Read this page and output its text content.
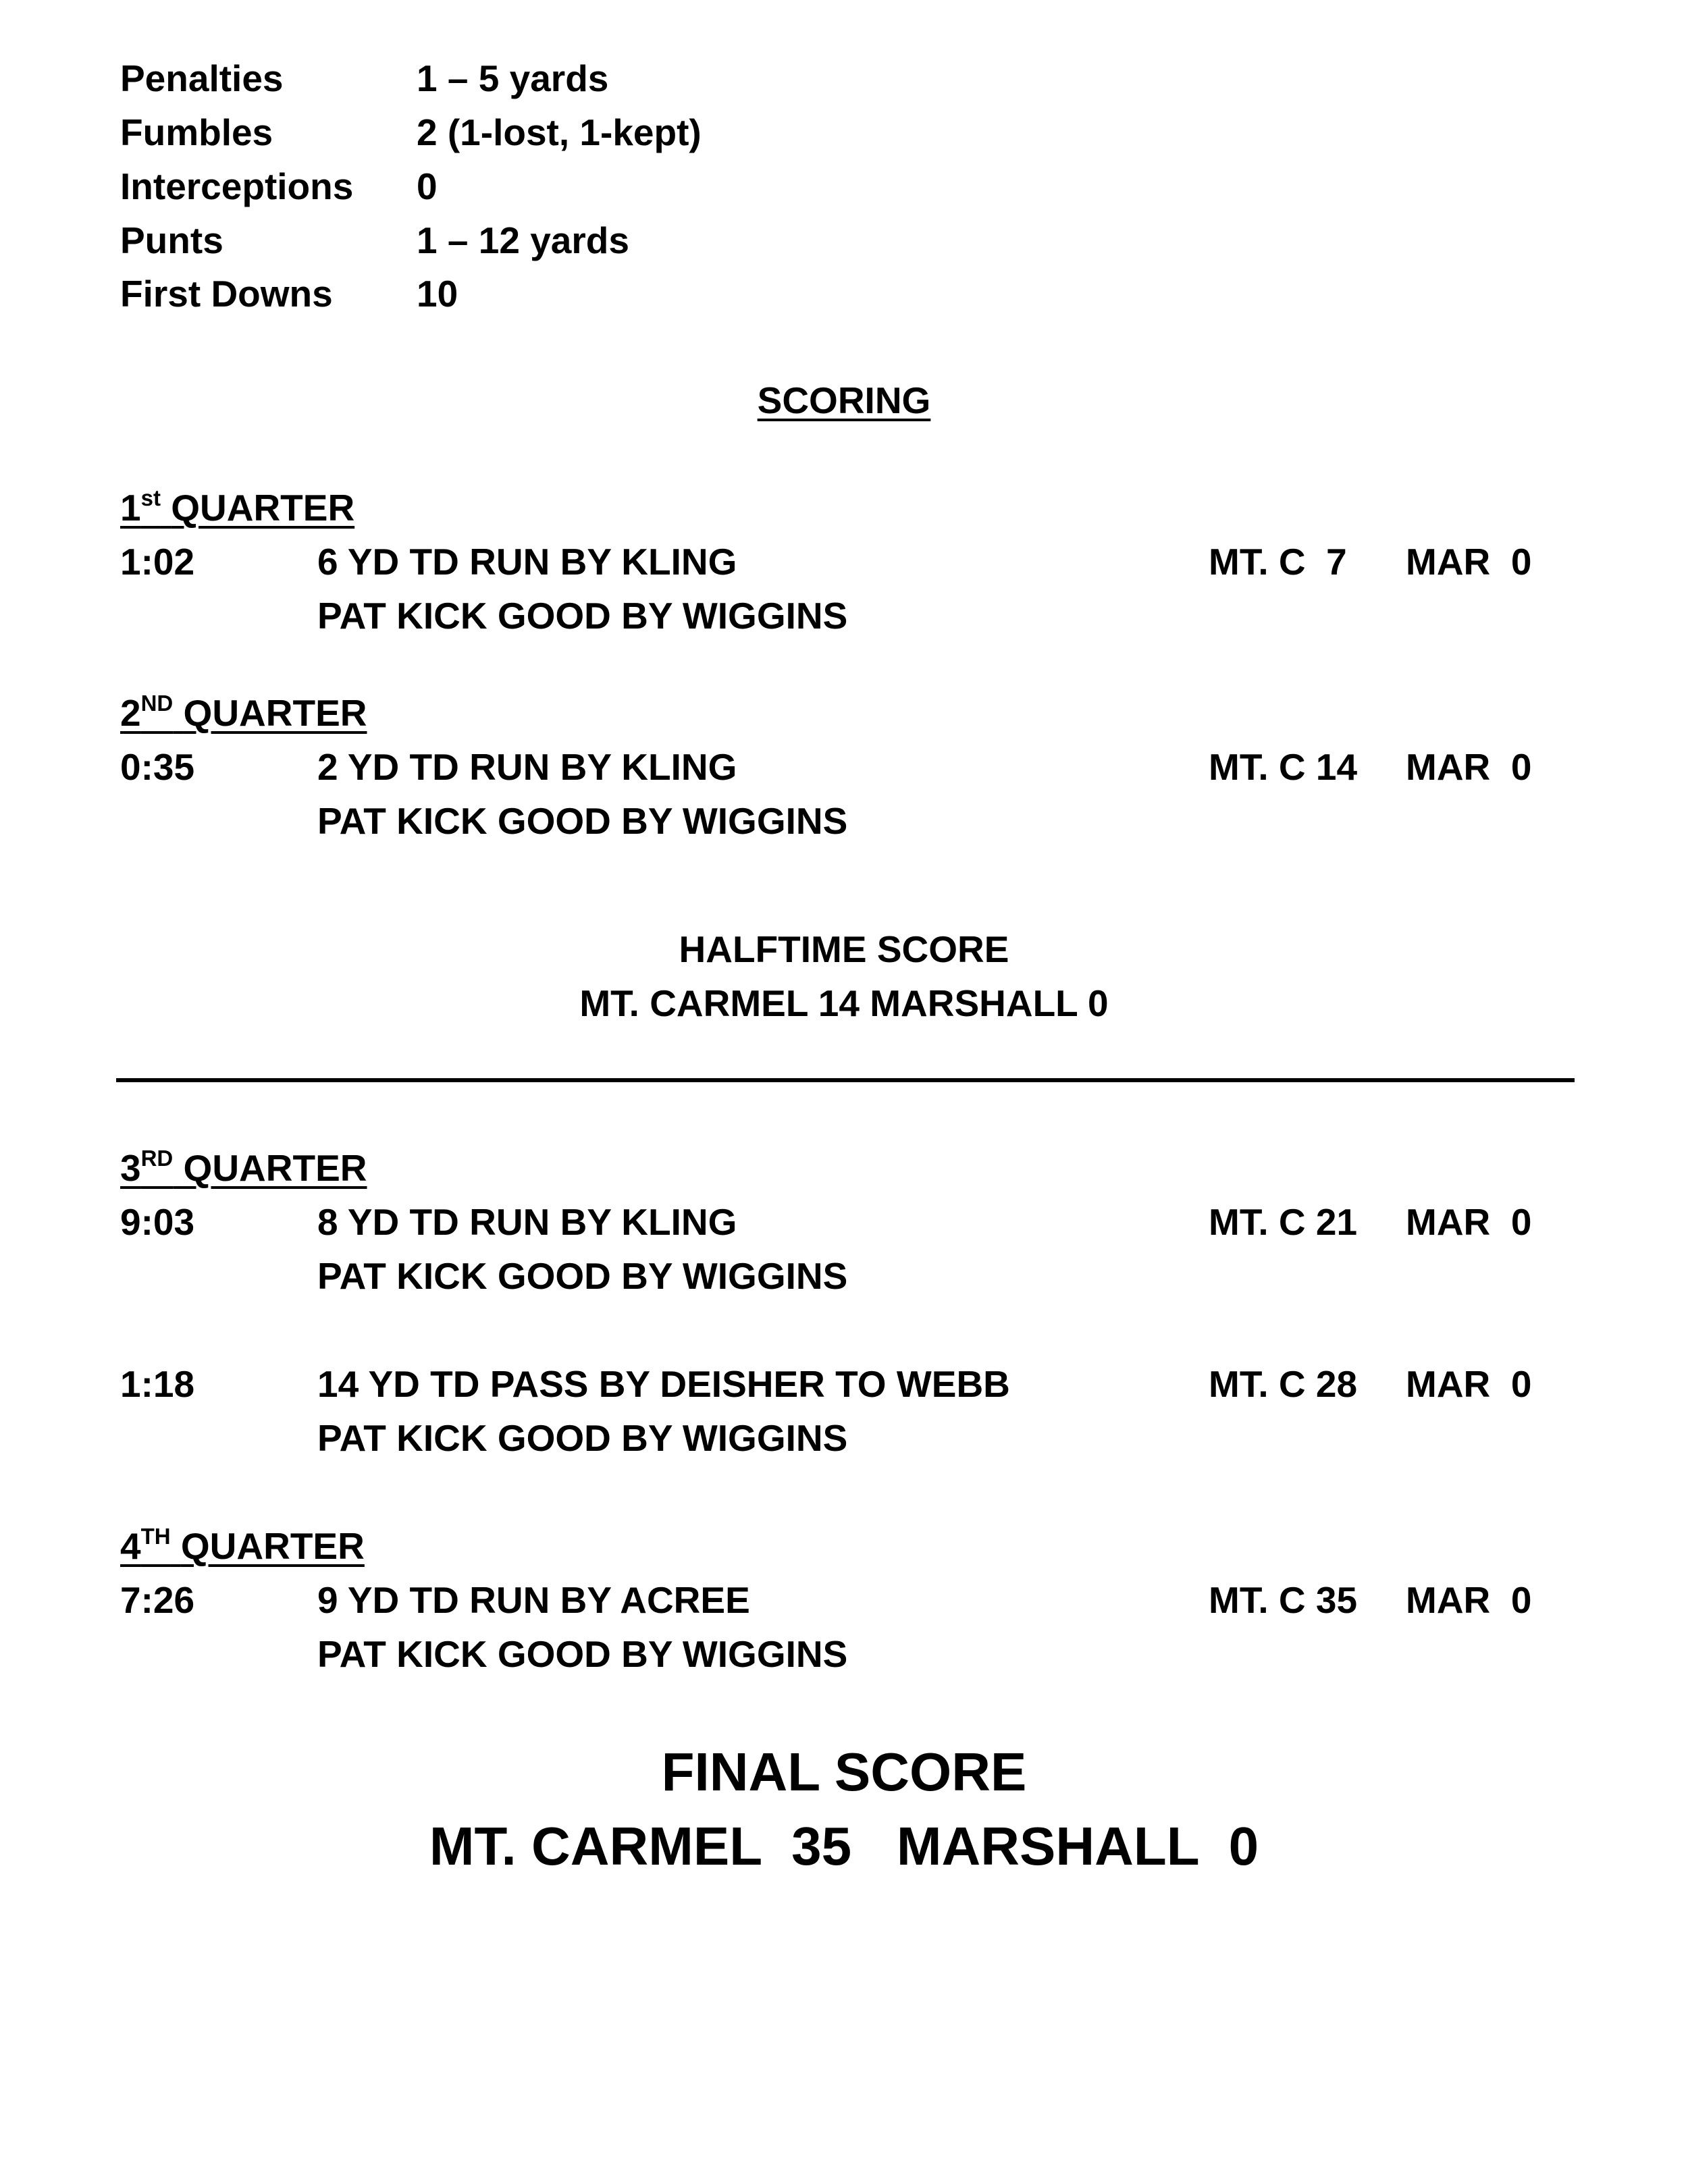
Penalties	1 – 5 yards
Fumbles	2 (1-lost, 1-kept)
Interceptions 0
Punts	1 – 12 yards
First Downs 10
SCORING
1st QUARTER
1:02	6 YD TD RUN BY KLING	MT. C  7 MAR  0
PAT KICK GOOD BY WIGGINS
2ND QUARTER
0:35	2 YD TD RUN BY KLING	MT. C 14 MAR  0
PAT KICK GOOD BY WIGGINS
HALFTIME SCORE
MT. CARMEL 14 MARSHALL 0
3RD QUARTER
9:03	8 YD TD RUN BY KLING	MT. C 21 MAR  0
PAT KICK GOOD BY WIGGINS
1:18	14 YD TD PASS BY DEISHER TO WEBB	MT. C 28 MAR  0
PAT KICK GOOD BY WIGGINS
4TH QUARTER
7:26	9 YD TD RUN BY ACREE	MT. C 35 MAR  0
PAT KICK GOOD BY WIGGINS
FINAL SCORE
MT. CARMEL  35   MARSHALL  0
